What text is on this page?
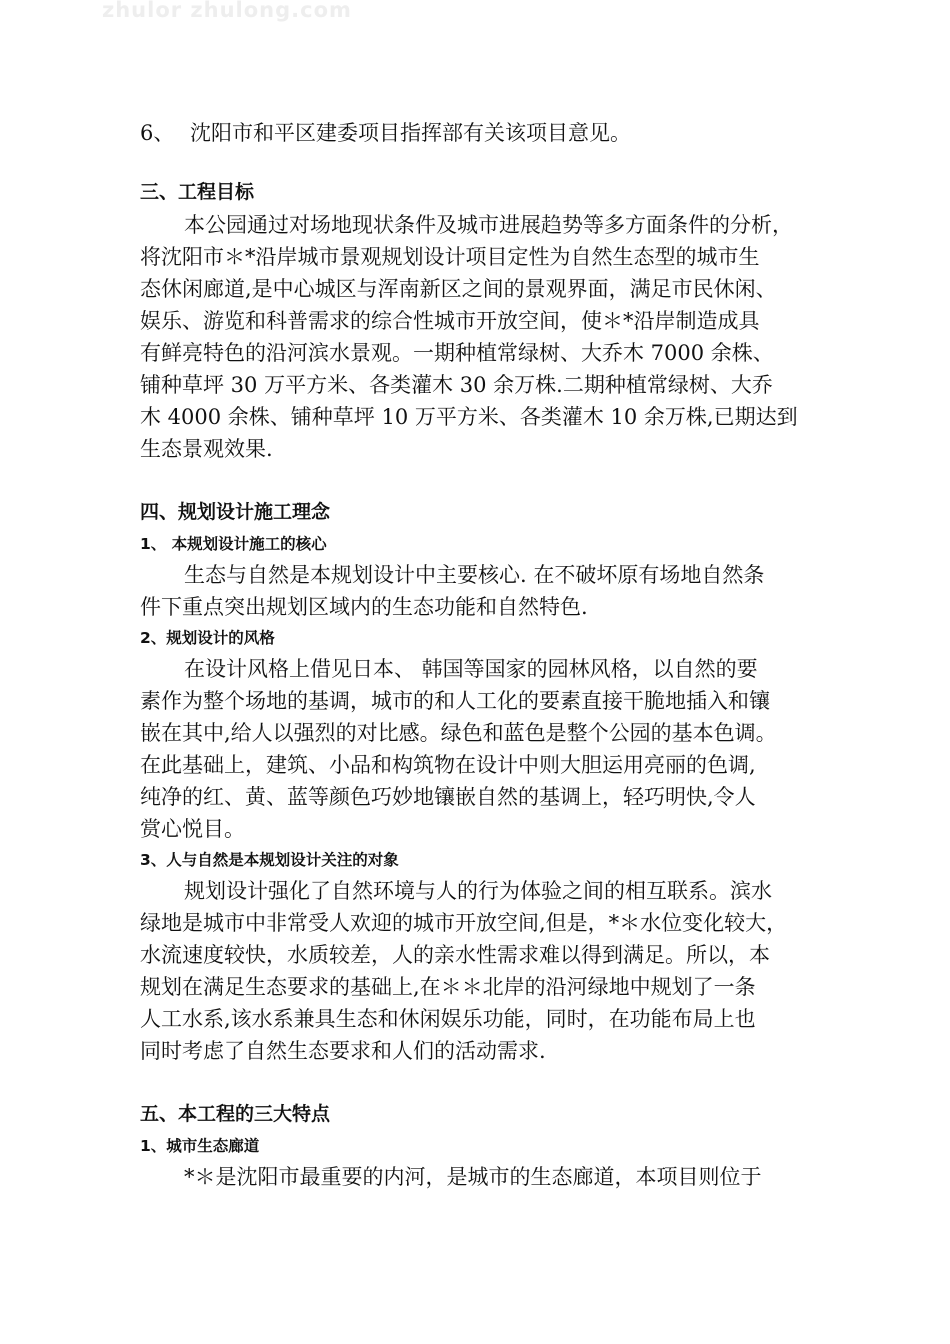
zhulor zhulong.com
6、 沈阳市和平区建委项目指挥部有关该项目意见。
三、工程目标
本公园通过对场地现状条件及城市进展趋势等多方面条件的分析，
将沈阳市＊*沿岸城市景观规划设计项目定性为自然生态型的城市生
态休闲廊道,是中心城区与浑南新区之间的景观界面，满足市民休闲、
娱乐、游览和科普需求的综合性城市开放空间，使＊*沿岸制造成具
有鲜亮特色的沿河滨水景观。一期种植常绿树、大乔木 7000 余株、
铺种草坪 30 万平方米、各类灌木 30 余万株.二期种植常绿树、大乔
木 4000 余株、铺种草坪 10 万平方米、各类灌木 10 余万株,已期达到
生态景观效果.
四、规划设计施工理念
1、 本规划设计施工的核心
生态与自然是本规划设计中主要核心. 在不破坏原有场地自然条
件下重点突出规划区域内的生态功能和自然特色.
2、规划设计的风格
在设计风格上借见日本、 韩国等国家的园林风格，以自然的要
素作为整个场地的基调，城市的和人工化的要素直接干脆地插入和镶
嵌在其中,给人以强烈的对比感。绿色和蓝色是整个公园的基本色调。
在此基础上，建筑、小品和构筑物在设计中则大胆运用亮丽的色调,
纯净的红、黄、蓝等颜色巧妙地镶嵌自然的基调上，轻巧明快,令人
赏心悦目。
3、人与自然是本规划设计关注的对象
规划设计强化了自然环境与人的行为体验之间的相互联系。滨水
绿地是城市中非常受人欢迎的城市开放空间,但是，*＊水位变化较大，
水流速度较快，水质较差，人的亲水性需求难以得到满足。所以，本
规划在满足生态要求的基础上,在＊＊北岸的沿河绿地中规划了一条
人工水系,该水系兼具生态和休闲娱乐功能，同时，在功能布局上也
同时考虑了自然生态要求和人们的活动需求.
五、本工程的三大特点
1、城市生态廊道
*＊是沈阳市最重要的内河，是城市的生态廊道，本项目则位于
